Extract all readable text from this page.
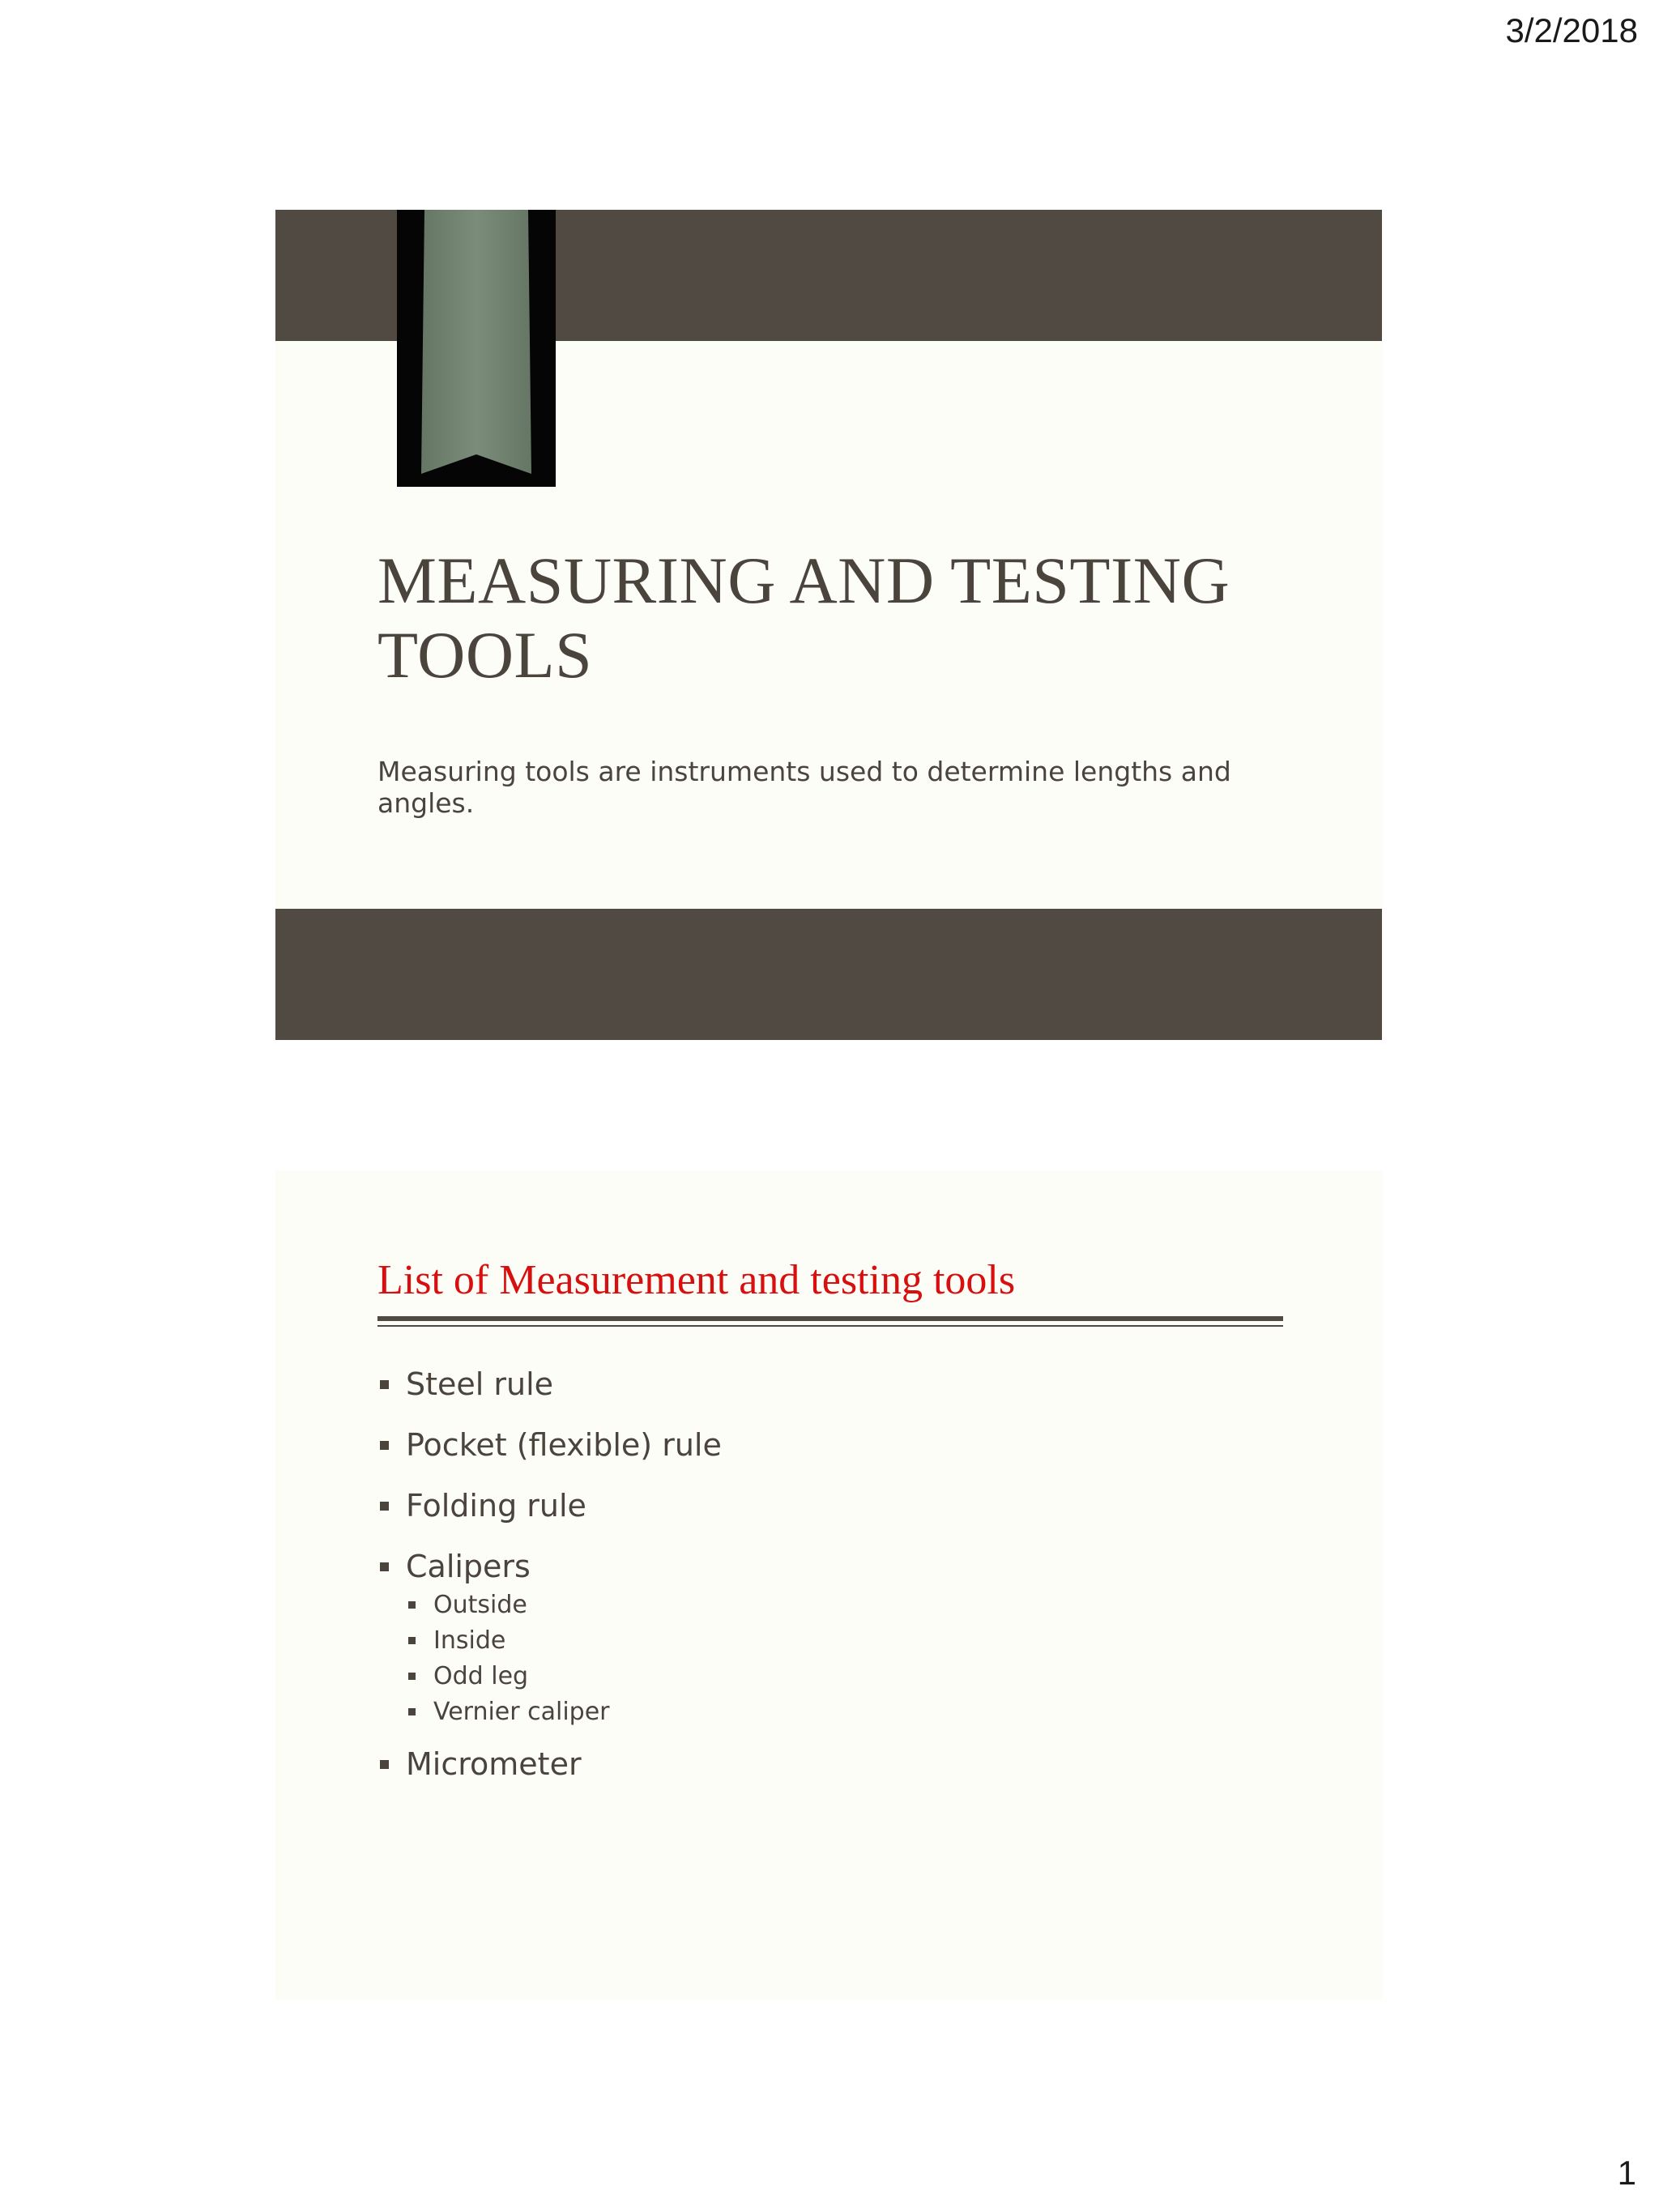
3/2/2018
MEASURING AND TESTING TOOLS

Measuring tools are instruments used to determine lengths and angles.

List of Measurement and testing tools
Steel rule
Pocket (flexible) rule
Folding rule
Calipers
Outside
Inside
Odd leg
Vernier caliper
Micrometer
1
